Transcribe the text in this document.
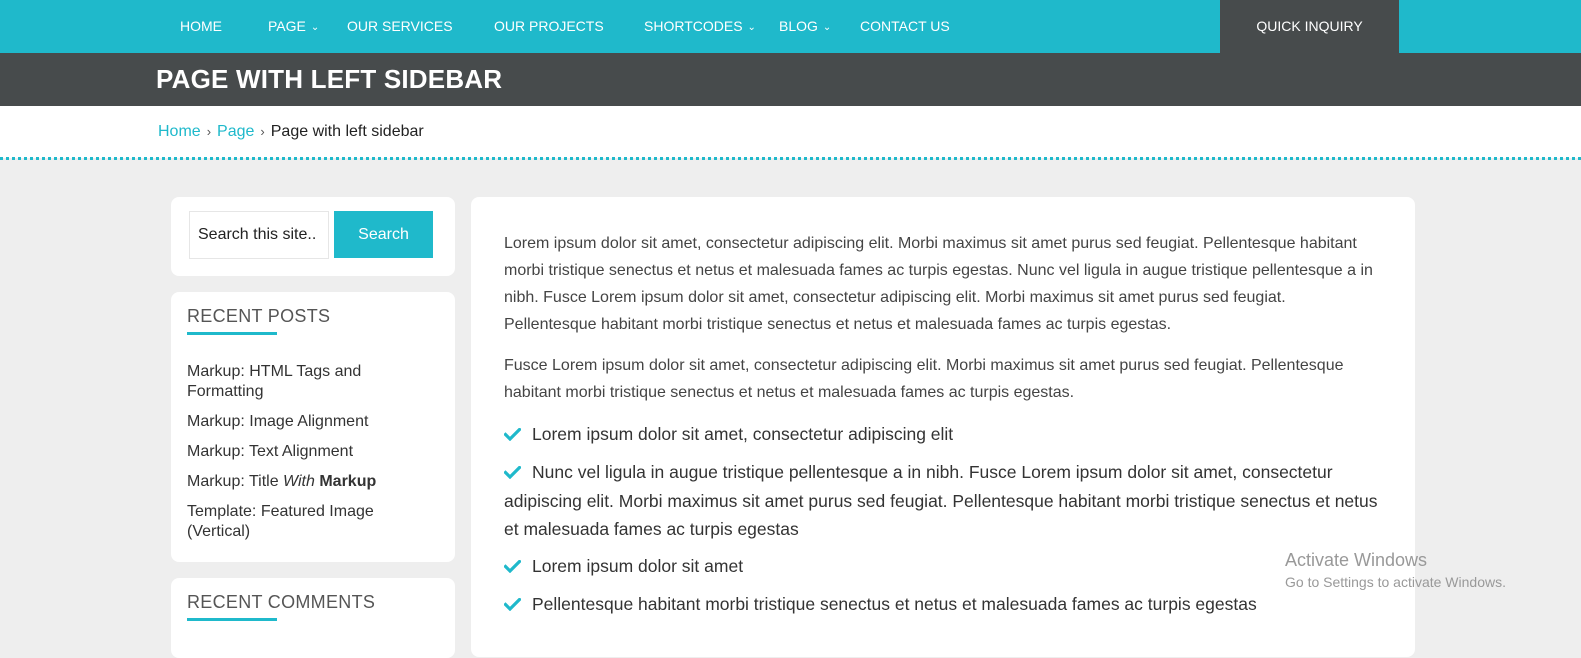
HOME	PAGE ⌄ OUR SERVICES	OUR PROJECTS	SHORTCODES ⌄ BLOG ⌄ CONTACT US	QUICK INQUIRY
PAGE WITH LEFT SIDEBAR
Home › Page › Page with left sidebar
Search this site..
Search
RECENT POSTS
Markup: HTML Tags and Formatting
Markup: Image Alignment
Markup: Text Alignment
Markup: Title With Markup
Template: Featured Image (Vertical)
RECENT COMMENTS

Lorem ipsum dolor sit amet, consectetur adipiscing elit. Morbi maximus sit amet purus sed feugiat. Pellentesque habitant morbi tristique senectus et netus et malesuada fames ac turpis egestas. Nunc vel ligula in augue tristique pellentesque a in nibh. Fusce Lorem ipsum dolor sit amet, consectetur adipiscing elit. Morbi maximus sit amet purus sed feugiat. Pellentesque habitant morbi tristique senectus et netus et malesuada fames ac turpis egestas.

Fusce Lorem ipsum dolor sit amet, consectetur adipiscing elit. Morbi maximus sit amet purus sed feugiat. Pellentesque habitant morbi tristique senectus et netus et malesuada fames ac turpis egestas.

Lorem ipsum dolor sit amet, consectetur adipiscing elit
Nunc vel ligula in augue tristique pellentesque a in nibh. Fusce Lorem ipsum dolor sit amet, consectetur adipiscing elit. Morbi maximus sit amet purus sed feugiat. Pellentesque habitant morbi tristique senectus et netus et malesuada fames ac turpis egestas
Lorem ipsum dolor sit amet
Pellentesque habitant morbi tristique senectus et netus et malesuada fames ac turpis egestas
Activate Windows
Go to Settings to activate Windows.
